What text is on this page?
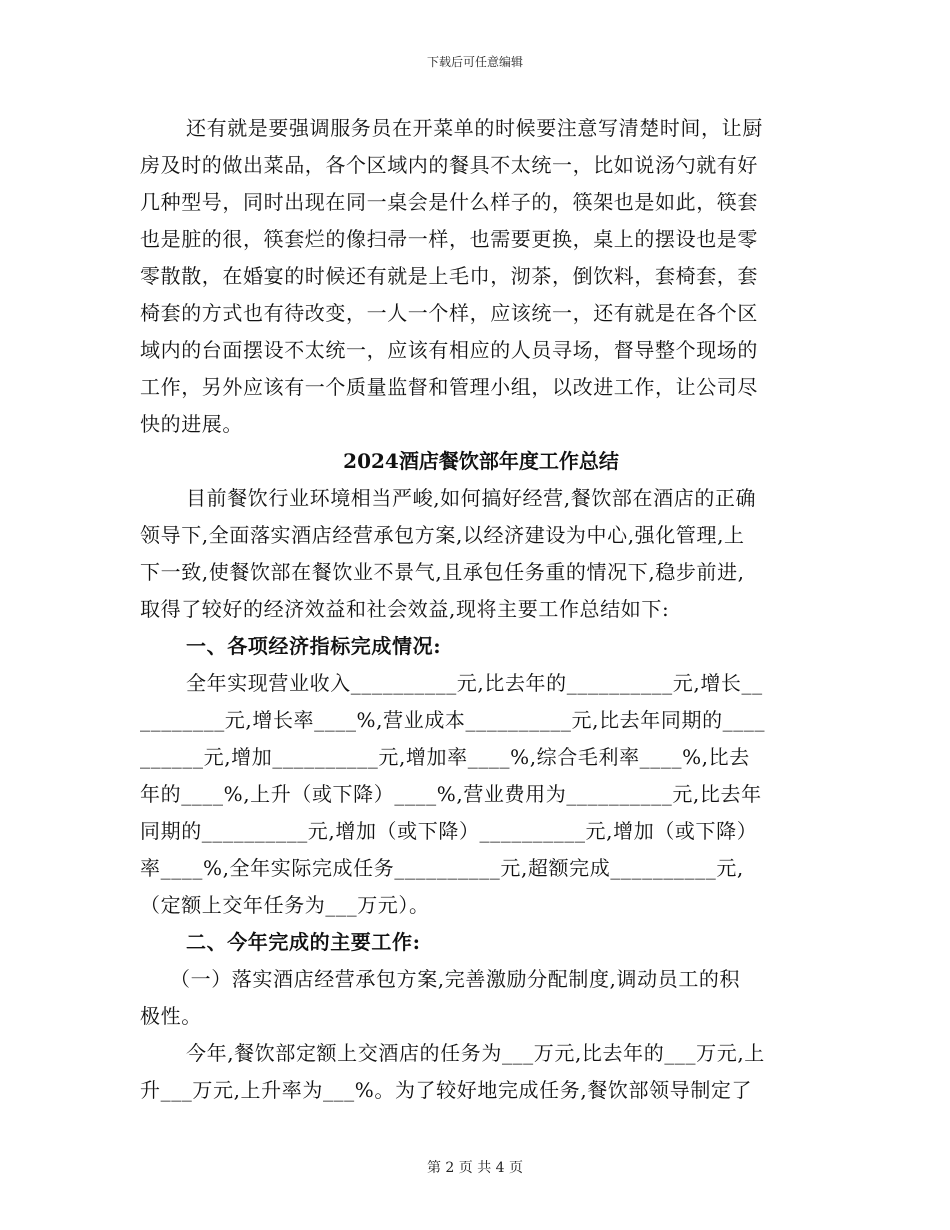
下载后可任意编辑
还有就是要强调服务员在开菜单的时候要注意写清楚时间，让厨
房及时的做出菜品，各个区域内的餐具不太统一，比如说汤勺就有好
几种型号，同时出现在同一桌会是什么样子的，筷架也是如此，筷套
也是脏的很，筷套烂的像扫帚一样，也需要更换，桌上的摆设也是零
零散散，在婚宴的时候还有就是上毛巾，沏茶，倒饮料，套椅套，套
椅套的方式也有待改变，一人一个样，应该统一，还有就是在各个区
域内的台面摆设不太统一，应该有相应的人员寻场，督导整个现场的
工作，另外应该有一个质量监督和管理小组，以改进工作，让公司尽
快的进展。
2024酒店餐饮部年度工作总结
目前餐饮行业环境相当严峻,如何搞好经营,餐饮部在酒店的正确
领导下,全面落实酒店经营承包方案,以经济建设为中心,强化管理,上
下一致,使餐饮部在餐饮业不景气,且承包任务重的情况下,稳步前进,
取得了较好的经济效益和社会效益,现将主要工作总结如下:
一、各项经济指标完成情况:
全年实现营业收入__________元,比去年的__________元,增长__
________元,增长率____%,营业成本__________元,比去年同期的____
______元,增加__________元,增加率____%,综合毛利率____%,比去
年的____%,上升（或下降）____%,营业费用为__________元,比去年
同期的__________元,增加（或下降）__________元,增加（或下降）
率____%,全年实际完成任务__________元,超额完成__________元,
（定额上交年任务为___万元）。
二、今年完成的主要工作:
（一）落实酒店经营承包方案,完善激励分配制度,调动员工的积
极性。
今年,餐饮部定额上交酒店的任务为___万元,比去年的___万元,上
升___万元,上升率为___%。为了较好地完成任务,餐饮部领导制定了
第 2 页 共 4 页
